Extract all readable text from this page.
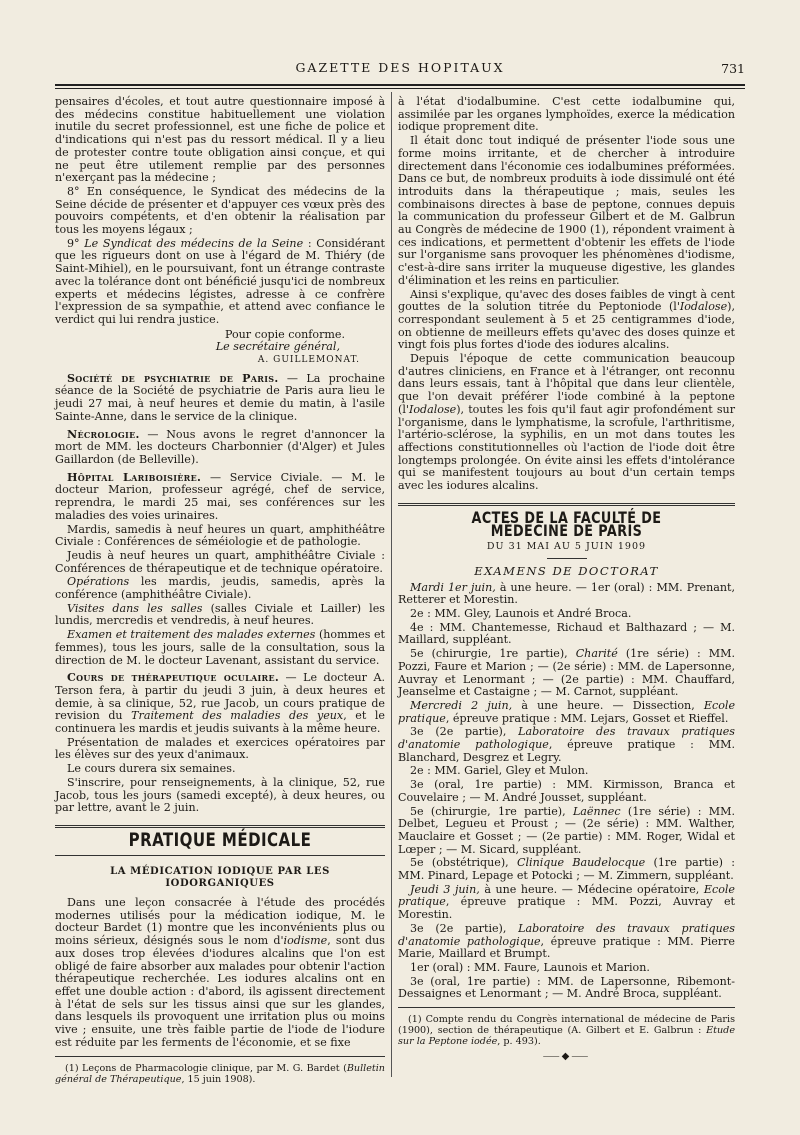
GAZETTE DES HOPITAUX	731

pensaires d'écoles, et tout autre questionnaire imposé à des médecins constitue habituellement une violation inutile du secret professionnel, est une fiche de police et d'indications qui n'est pas du ressort médical. Il y a lieu de protester contre toute obligation ainsi conçue, et qui ne peut être utilement remplie par des personnes n'exerçant pas la médecine ;

8° En conséquence, le Syndicat des médecins de la Seine décide de présenter et d'appuyer ces vœux près des pouvoirs compétents, et d'en obtenir la réalisation par tous les moyens légaux ;

9° Le Syndicat des médecins de la Seine : Considérant que les rigueurs dont on use à l'égard de M. Thiéry (de Saint-Mihiel), en le poursuivant, font un étrange contraste avec la tolérance dont ont bénéficié jusqu'ici de nombreux experts et médecins légistes, adresse à ce confrère l'expression de sa sympathie, et attend avec confiance le verdict qui lui rendra justice.

Pour copie conforme.

Le secrétaire général,

A. GUILLEMONAT.

Société de psychiatrie de Paris. — La prochaine séance de la Société de psychiatrie de Paris aura lieu le jeudi 27 mai, à neuf heures et demie du matin, à l'asile Sainte-Anne, dans le service de la clinique.

Nécrologie. — Nous avons le regret d'annoncer la mort de MM. les docteurs Charbonnier (d'Alger) et Jules Gaillardon (de Belleville).

Hôpital Lariboisière. — Service Civiale. — M. le docteur Marion, professeur agrégé, chef de service, reprendra, le mardi 25 mai, ses conférences sur les maladies des voies urinaires.

Mardis, samedis à neuf heures un quart, amphithéâtre Civiale : Conférences de séméiologie et de pathologie.

Jeudis à neuf heures un quart, amphithéâtre Civiale : Conférences de thérapeutique et de technique opératoire.

Opérations les mardis, jeudis, samedis, après la conférence (amphithéâtre Civiale).

Visites dans les salles (salles Civiale et Lailler) les lundis, mercredis et vendredis, à neuf heures.

Examen et traitement des malades externes (hommes et femmes), tous les jours, salle de la consultation, sous la direction de M. le docteur Lavenant, assistant du service.

Cours de thérapeutique oculaire. — Le docteur A. Terson fera, à partir du jeudi 3 juin, à deux heures et demie, à sa clinique, 52, rue Jacob, un cours pratique de revision du Traitement des maladies des yeux, et le continuera les mardis et jeudis suivants à la même heure.

Présentation de malades et exercices opératoires par les élèves sur des yeux d'animaux.

Le cours durera six semaines.

S'inscrire, pour renseignements, à la clinique, 52, rue Jacob, tous les jours (samedi excepté), à deux heures, ou par lettre, avant le 2 juin.

PRATIQUE MÉDICALE

LA MÉDICATION IODIQUE PAR LES IODORGANIQUES

Dans une leçon consacrée à l'étude des procédés modernes utilisés pour la médication iodique, M. le docteur Bardet (1) montre que les inconvénients plus ou moins sérieux, désignés sous le nom d'iodisme, sont dus aux doses trop élevées d'iodures alcalins que l'on est obligé de faire absorber aux malades pour obtenir l'action thérapeutique recherchée. Les iodures alcalins ont en effet une double action : d'abord, ils agissent directement à l'état de sels sur les tissus ainsi que sur les glandes, dans lesquels ils provoquent une irritation plus ou moins vive ; ensuite, une très faible partie de l'iode de l'iodure est réduite par les ferments de l'économie, et se fixe

(1) Leçons de Pharmacologie clinique, par M. G. Bardet (Bulletin général de Thérapeutique, 15 juin 1908).

à l'état d'iodalbumine. C'est cette iodalbumine qui, assimilée par les organes lymphoïdes, exerce la médication iodique proprement dite.

Il était donc tout indiqué de présenter l'iode sous une forme moins irritante, et de chercher à introduire directement dans l'économie ces iodalbumines préformées. Dans ce but, de nombreux produits à iode dissimulé ont été introduits dans la thérapeutique ; mais, seules les combinaisons directes à base de peptone, connues depuis la communication du professeur Gilbert et de M. Galbrun au Congrès de médecine de 1900 (1), répondent vraiment à ces indications, et permettent d'obtenir les effets de l'iode sur l'organisme sans provoquer les phénomènes d'iodisme, c'est-à-dire sans irriter la muqueuse digestive, les glandes d'élimination et les reins en particulier.

Ainsi s'explique, qu'avec des doses faibles de vingt à cent gouttes de la solution titrée du Peptoniode (l'Iodalose), correspondant seulement à 5 et 25 centigrammes d'iode, on obtienne de meilleurs effets qu'avec des doses quinze et vingt fois plus fortes d'iode des iodures alcalins.

Depuis l'époque de cette communication beaucoup d'autres cliniciens, en France et à l'étranger, ont reconnu dans leurs essais, tant à l'hôpital que dans leur clientèle, que l'on devait préférer l'iode combiné à la peptone (l'Iodalose), toutes les fois qu'il faut agir profondément sur l'organisme, dans le lymphatisme, la scrofule, l'arthritisme, l'artério-sclérose, la syphilis, en un mot dans toutes les affections constitutionnelles où l'action de l'iode doit être longtemps prolongée. On évite ainsi les effets d'intolérance qui se manifestent toujours au bout d'un certain temps avec les iodures alcalins.

ACTES DE LA FACULTÉ DE MÉDECINE DE PARIS

DU 31 MAI AU 5 JUIN 1909

EXAMENS DE DOCTORAT

Mardi 1er juin, à une heure. — 1er (oral) : MM. Prenant, Retterer et Morestin.

2e : MM. Gley, Launois et André Broca.

4e : MM. Chantemesse, Richaud et Balthazard ; — M. Maillard, suppléant.

5e (chirurgie, 1re partie), Charité (1re série) : MM. Pozzi, Faure et Marion ; — (2e série) : MM. de Lapersonne, Auvray et Lenormant ; — (2e partie) : MM. Chauffard, Jeanselme et Castaigne ; — M. Carnot, suppléant.

Mercredi 2 juin, à une heure. — Dissection, Ecole pratique, épreuve pratique : MM. Lejars, Gosset et Rieffel.

3e (2e partie), Laboratoire des travaux pratiques d'anatomie pathologique, épreuve pratique : MM. Blanchard, Desgrez et Legry.

2e : MM. Gariel, Gley et Mulon.

3e (oral, 1re partie) : MM. Kirmisson, Branca et Couvelaire ; — M. André Jousset, suppléant.

5e (chirurgie, 1re partie), Laënnec (1re série) : MM. Delbet, Legueu et Proust ; — (2e série) : MM. Walther, Mauclaire et Gosset ; — (2e partie) : MM. Roger, Widal et Lœper ; — M. Sicard, suppléant.

5e (obstétrique), Clinique Baudelocque (1re partie) : MM. Pinard, Lepage et Potocki ; — M. Zimmern, suppléant.

Jeudi 3 juin, à une heure. — Médecine opératoire, Ecole pratique, épreuve pratique : MM. Pozzi, Auvray et Morestin.

3e (2e partie), Laboratoire des travaux pratiques d'anatomie pathologique, épreuve pratique : MM. Pierre Marie, Maillard et Brumpt.

1er (oral) : MM. Faure, Launois et Marion.

3e (oral, 1re partie) : MM. de Lapersonne, Ribemont-Dessaignes et Lenormant ; — M. André Broca, suppléant.

(1) Compte rendu du Congrès international de médecine de Paris (1900), section de thérapeutique (A. Gilbert et E. Galbrun : Etude sur la Peptone iodée, p. 493).

⸺◆⸺
